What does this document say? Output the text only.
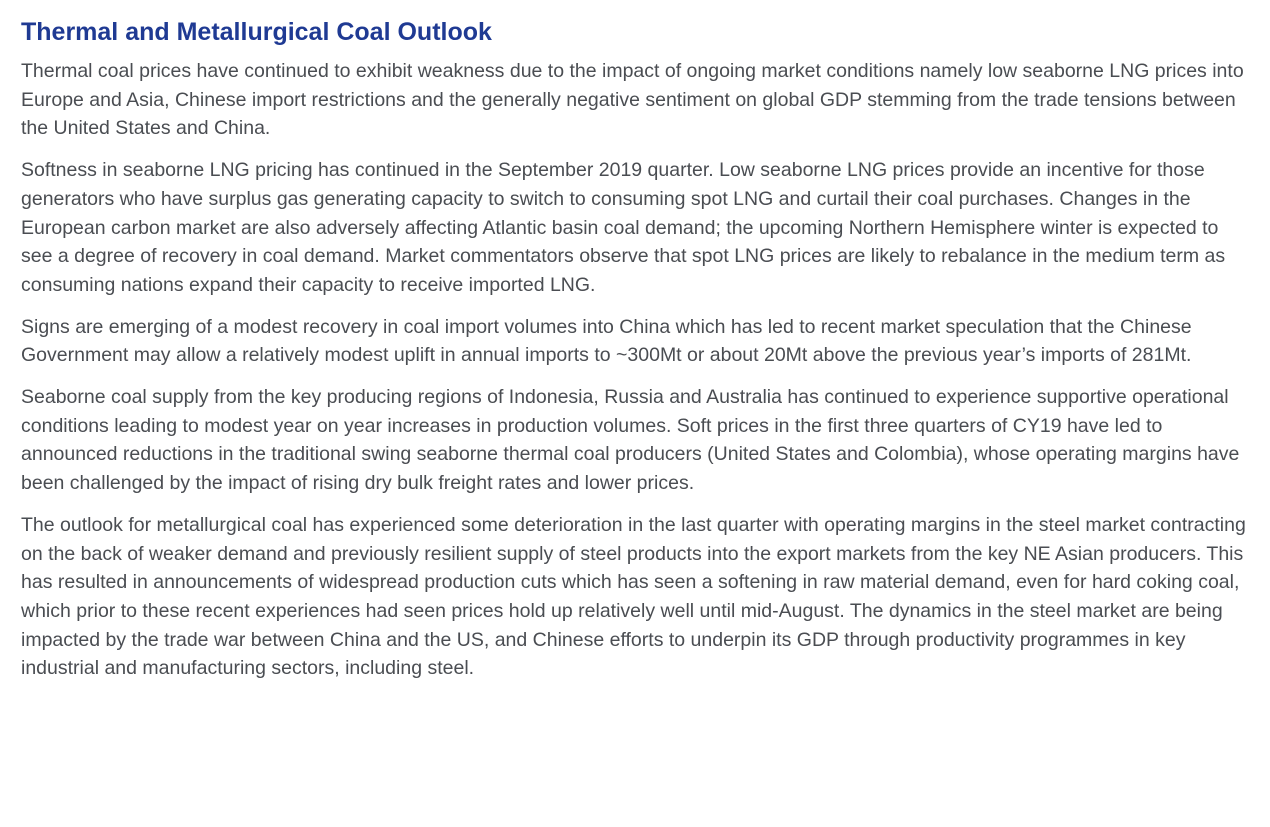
Thermal and Metallurgical Coal Outlook

Thermal coal prices have continued to exhibit weakness due to the impact of ongoing market conditions namely low seaborne LNG prices into Europe and Asia, Chinese import restrictions and the generally negative sentiment on global GDP stemming from the trade tensions between the United States and China.

Softness in seaborne LNG pricing has continued in the September 2019 quarter. Low seaborne LNG prices provide an incentive for those generators who have surplus gas generating capacity to switch to consuming spot LNG and curtail their coal purchases. Changes in the European carbon market are also adversely affecting Atlantic basin coal demand; the upcoming Northern Hemisphere winter is expected to see a degree of recovery in coal demand. Market commentators observe that spot LNG prices are likely to rebalance in the medium term as consuming nations expand their capacity to receive imported LNG.

Signs are emerging of a modest recovery in coal import volumes into China which has led to recent market speculation that the Chinese Government may allow a relatively modest uplift in annual imports to ~300Mt or about 20Mt above the previous year’s imports of 281Mt.

Seaborne coal supply from the key producing regions of Indonesia, Russia and Australia has continued to experience supportive operational conditions leading to modest year on year increases in production volumes. Soft prices in the first three quarters of CY19 have led to announced reductions in the traditional swing seaborne thermal coal producers (United States and Colombia), whose operating margins have been challenged by the impact of rising dry bulk freight rates and lower prices.

The outlook for metallurgical coal has experienced some deterioration in the last quarter with operating margins in the steel market contracting on the back of weaker demand and previously resilient supply of steel products into the export markets from the key NE Asian producers. This has resulted in announcements of widespread production cuts which has seen a softening in raw material demand, even for hard coking coal, which prior to these recent experiences had seen prices hold up relatively well until mid-August. The dynamics in the steel market are being impacted by the trade war between China and the US, and Chinese efforts to underpin its GDP through productivity programmes in key industrial and manufacturing sectors, including steel.
